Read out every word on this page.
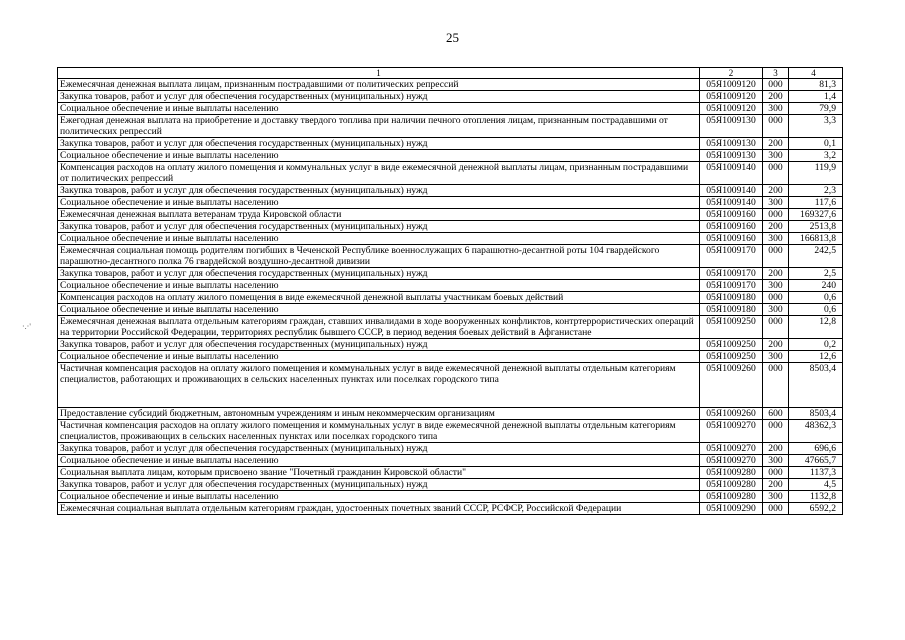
25
·.·'
1	2	3	4
Ежемесячная денежная выплата лицам, признанным пострадавшими от политических репрессий	05Я1009120	000	81,3
Закупка товаров, работ и услуг для обеспечения государственных (муниципальных) нужд	05Я1009120	200	1,4
Социальное обеспечение и иные выплаты населению	05Я1009120	300	79,9
Ежегодная денежная выплата на приобретение и доставку твердого топлива при наличии печного отопления лицам, признанным пострадавшими от политических репрессий	05Я1009130	000	3,3
Закупка товаров, работ и услуг для обеспечения государственных (муниципальных) нужд	05Я1009130	200	0,1
Социальное обеспечение и иные выплаты населению	05Я1009130	300	3,2
Компенсация расходов на оплату жилого помещения и коммунальных услуг в виде ежемесячной денежной выплаты лицам, признанным пострадавшими от политических репрессий	05Я1009140	000	119,9
Закупка товаров, работ и услуг для обеспечения государственных (муниципальных) нужд	05Я1009140	200	2,3
Социальное обеспечение и иные выплаты населению	05Я1009140	300	117,6
Ежемесячная денежная выплата ветеранам труда Кировской области	05Я1009160	000	169327,6
Закупка товаров, работ и услуг для обеспечения государственных (муниципальных) нужд	05Я1009160	200	2513,8
Социальное обеспечение и иные выплаты населению	05Я1009160	300	166813,8
Ежемесячная социальная помощь родителям погибших в Чеченской Республике военнослужащих 6 парашютно-десантной роты 104 гвардейского парашютно-десантного полка 76 гвардейской воздушно-десантной дивизии	05Я1009170	000	242,5
Закупка товаров, работ и услуг для обеспечения государственных (муниципальных) нужд	05Я1009170	200	2,5
Социальное обеспечение и иные выплаты населению	05Я1009170	300	240
Компенсация расходов на оплату жилого помещения в виде ежемесячной денежной выплаты участникам боевых действий	05Я1009180	000	0,6
Социальное обеспечение и иные выплаты населению	05Я1009180	300	0,6
Ежемесячная денежная выплата отдельным категориям граждан, ставших инвалидами в ходе вооруженных конфликтов, контртеррористических операций на территории Российской Федерации, территориях республик бывшего СССР, в период ведения боевых действий в Афганистане	05Я1009250	000	12,8
Закупка товаров, работ и услуг для обеспечения государственных (муниципальных) нужд	05Я1009250	200	0,2
Социальное обеспечение и иные выплаты населению	05Я1009250	300	12,6
Частичная компенсация расходов на оплату жилого помещения и коммунальных услуг в виде ежемесячной денежной выплаты отдельным категориям специалистов, работающих и проживающих в сельских населенных пунктах или поселках городского типа	05Я1009260	000	8503,4
Предоставление субсидий бюджетным, автономным учреждениям и иным некоммерческим организациям	05Я1009260	600	8503,4
Частичная компенсация расходов на оплату жилого помещения и коммунальных услуг в виде ежемесячной денежной выплаты отдельным категориям специалистов, проживающих в сельских населенных пунктах или поселках городского типа	05Я1009270	000	48362,3
Закупка товаров, работ и услуг для обеспечения государственных (муниципальных) нужд	05Я1009270	200	696,6
Социальное обеспечение и иные выплаты населению	05Я1009270	300	47665,7
Социальная выплата лицам, которым присвоено звание "Почетный гражданин Кировской области"	05Я1009280	000	1137,3
Закупка товаров, работ и услуг для обеспечения государственных (муниципальных) нужд	05Я1009280	200	4,5
Социальное обеспечение и иные выплаты населению	05Я1009280	300	1132,8
Ежемесячная социальная выплата отдельным категориям граждан, удостоенных почетных званий СССР, РСФСР, Российской Федерации	05Я1009290	000	6592,2
